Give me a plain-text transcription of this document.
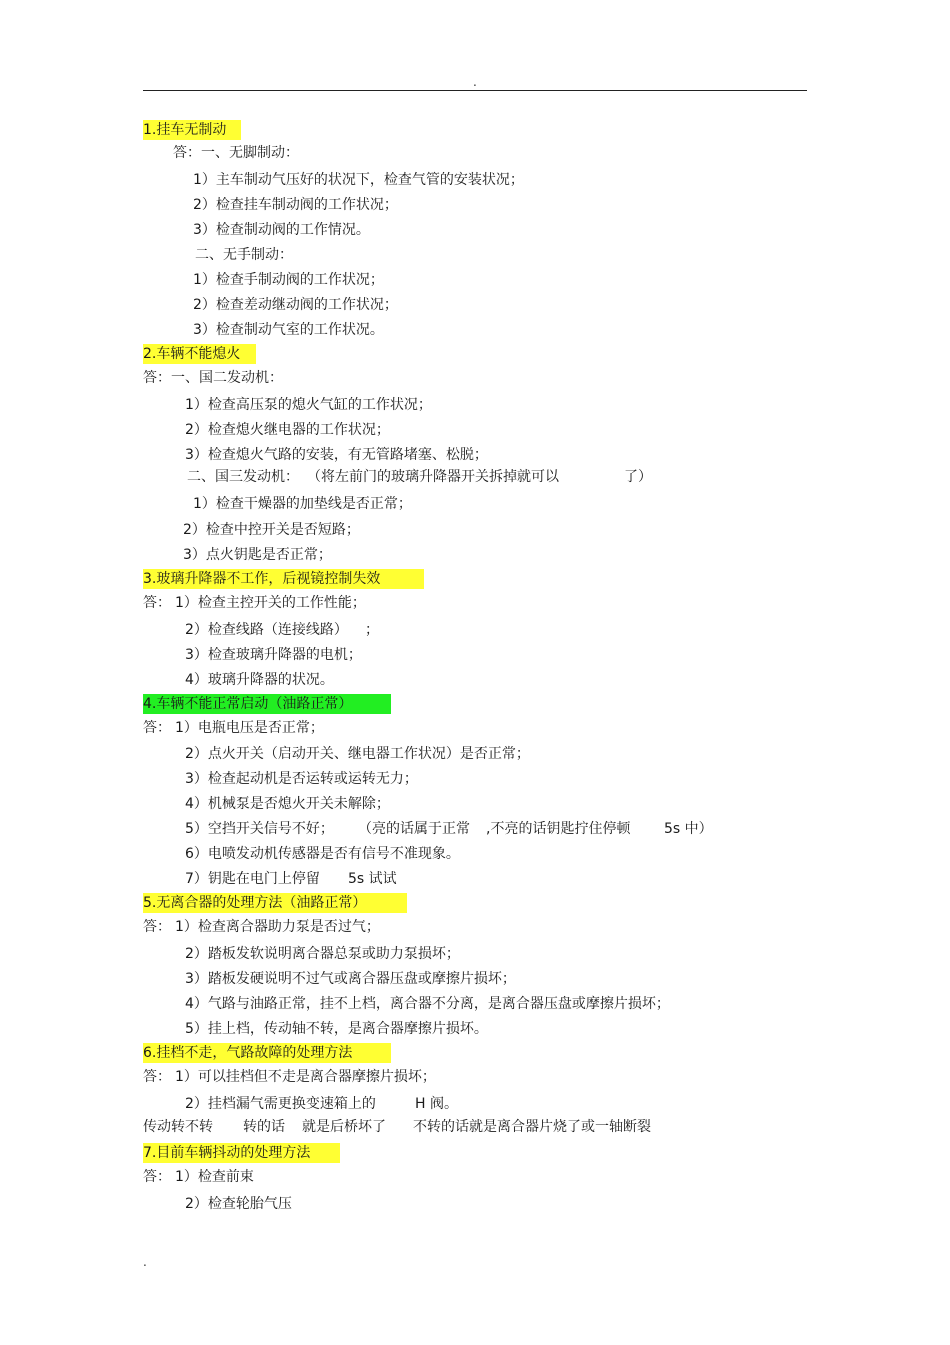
.
1.挂车无制动
答：一、无脚制动：
1）主车制动气压好的状况下，检查气管的安装状况；
2）检查挂车制动阀的工作状况；
3）检查制动阀的工作情况。
二、无手制动：
1）检查手制动阀的工作状况；
2）检查差动继动阀的工作状况；
3）检查制动气室的工作状况。
2.车辆不能熄火
答：一、国二发动机：
1）检查高压泵的熄火气缸的工作状况；
2）检查熄火继电器的工作状况；
3）检查熄火气路的安装，有无管路堵塞、松脱；
二、国三发动机： （将左前门的玻璃升降器开关拆掉就可以	了）
1）检查干燥器的加垫线是否正常；
2）检查中控开关是否短路；
3）点火钥匙是否正常；
3.玻璃升降器不工作，后视镜控制失效
答： 1）检查主控开关的工作性能；
2）检查线路（连接线路） ；
3）检查玻璃升降器的电机；
4）玻璃升降器的状况。
4.车辆不能正常启动（油路正常）
答： 1）电瓶电压是否正常；
2）点火开关（启动开关、继电器工作状况）是否正常；
3）检查起动机是否运转或运转无力；
4）机械泵是否熄火开关未解除；
5）空挡开关信号不好； （亮的话属于正常 ,不亮的话钥匙拧住停顿 5s 中）
6）电喷发动机传感器是否有信号不准现象。
7）钥匙在电门上停留 5s 试试
5.无离合器的处理方法（油路正常）
答： 1）检查离合器助力泵是否过气；
2）踏板发软说明离合器总泵或助力泵损坏；
3）踏板发硬说明不过气或离合器压盘或摩擦片损坏；
4）气路与油路正常，挂不上档，离合器不分离，是离合器压盘或摩擦片损坏；
5）挂上档，传动轴不转，是离合器摩擦片损坏。
6.挂档不走，气路故障的处理方法
答： 1）可以挂档但不走是离合器摩擦片损坏；
2）挂档漏气需更换变速箱上的	H 阀。
传动转不转 转的话 就是后桥坏了 不转的话就是离合器片烧了或一轴断裂
7.目前车辆抖动的处理方法
答： 1）检查前束
2）检查轮胎气压
.
